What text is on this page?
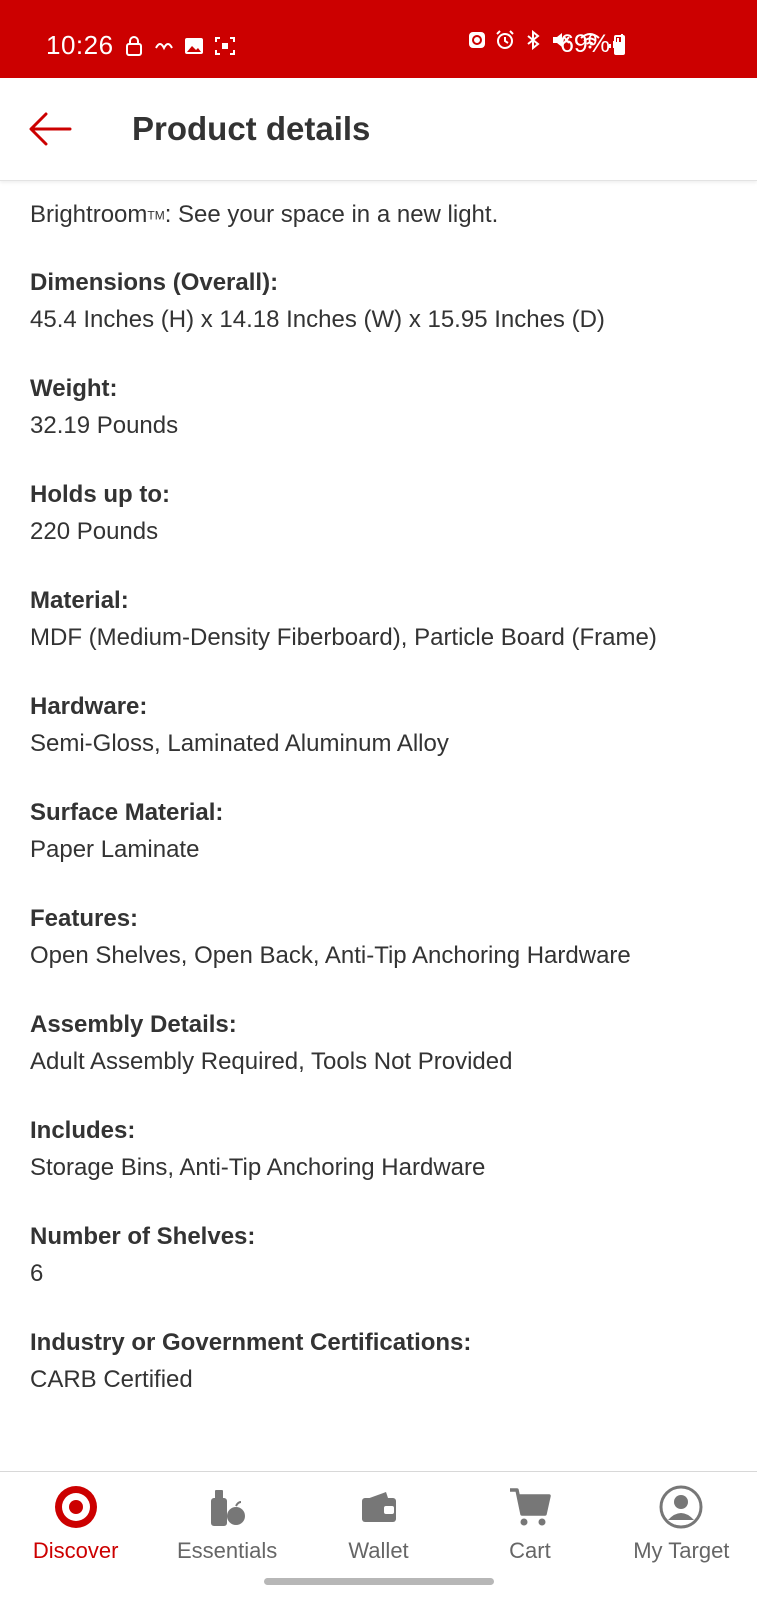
10:26	69%
Product details

BrightroomTM: See your space in a new light.

Dimensions (Overall):
45.4 Inches (H) x 14.18 Inches (W) x 15.95 Inches (D)
Weight:
32.19 Pounds
Holds up to:
220 Pounds
Material:
MDF (Medium-Density Fiberboard), Particle Board (Frame)
Hardware:
Semi-Gloss, Laminated Aluminum Alloy
Surface Material:
Paper Laminate
Features:
Open Shelves, Open Back, Anti-Tip Anchoring Hardware
Assembly Details:
Adult Assembly Required, Tools Not Provided
Includes:
Storage Bins, Anti-Tip Anchoring Hardware
Number of Shelves:
6
Industry or Government Certifications:
CARB Certified
Discover	Essentials	Wallet	Cart	My Target
